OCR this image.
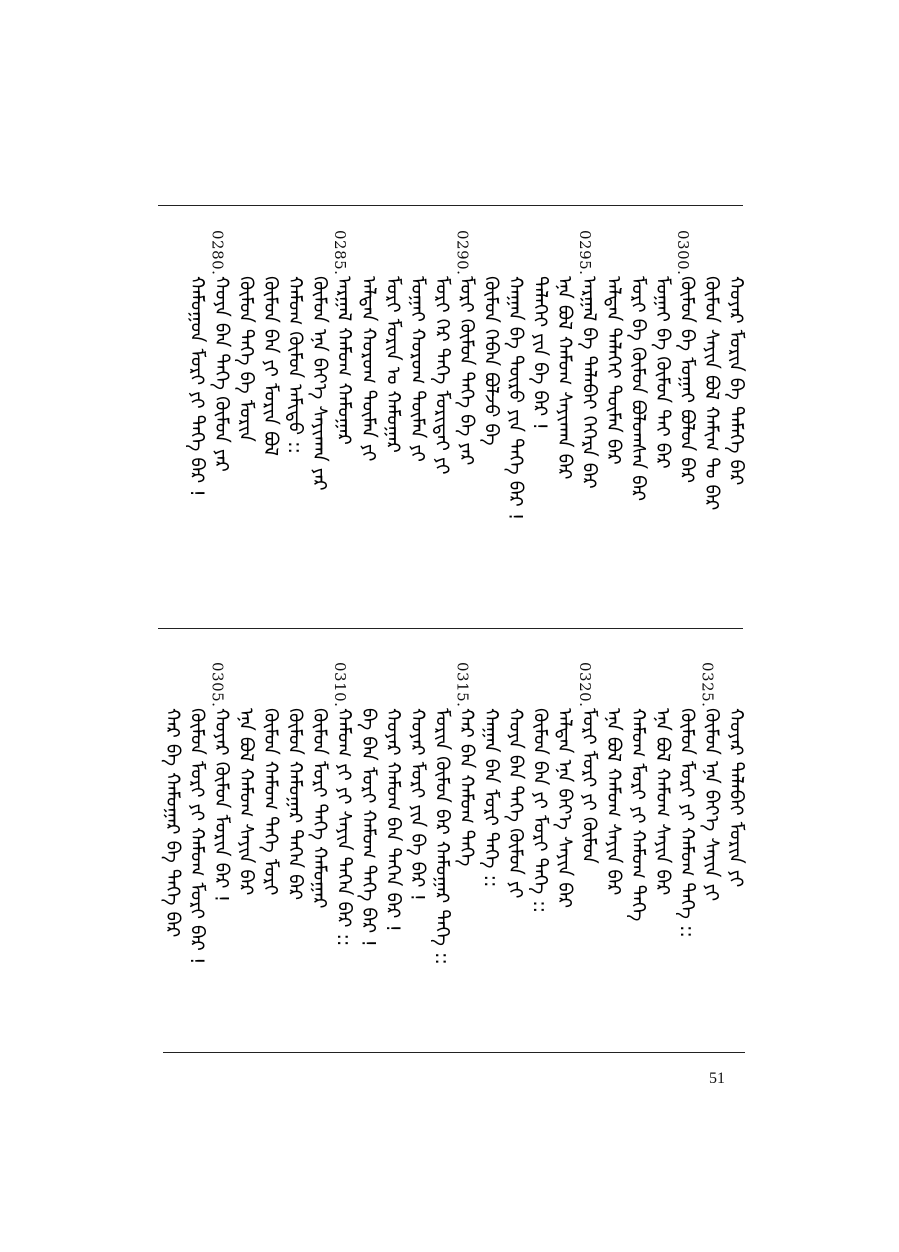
ᠬᠣᠶᠠᠷ ᠮᠣᠷᠢᠨ ᠪᠠ ᠲᠡᠮᠡᠭᠡ ᠪᠠᠷ
ᠬᠦᠮᠦᠨ ᠰᠠᠶᠢᠨ ᠪᠣᠯ ᠬᠠᠮᠢᠭ ᠲᠤ ᠪᠠᠷ
0300.
ᠬᠦᠮᠦᠨ ᠪᠠ ᠮᠣᠭᠠᠢ ᠪᠣᠯᠤᠨ ᠪᠠᠷ
ᠮᠣᠭᠠᠢ ᠪᠠ ᠬᠦᠮᠦᠨ ᠲᠠᠢ ᠪᠠᠷ
ᠮᠣᠷᠢ ᠪᠠ ᠬᠦᠮᠦᠨ ᠪᠣᠯᠤᠭᠰᠠᠨ ᠪᠠᠷ
ᠠᠯᠲᠠᠨ ᠳᠡᠯᠡᠬᠡᠢ ᠲᠦᠮᠡᠨ ᠪᠠᠷ
0295.
ᠠᠷᠭᠠᠯ ᠪᠠ ᠲᠠᠯᠠᠪᠠᠢ ᠬᠡᠭᠡᠷᠡ ᠪᠠᠷ
ᠡᠨᠡ ᠪᠣᠯ ᠬᠠᠮᠤᠭ ᠰᠠᠶᠢᠬᠠᠨ ᠪᠠᠷ
ᠳᠡᠯᠡᠬᠡᠢ ᠶᠢᠨ ᠪᠠ ᠪᠠᠷ !
ᠬᠠᠭᠠᠨ ᠪᠠ ᠲᠦᠷᠦ ᠶᠢᠨ ᠲᠡᠭᠡ ᠪᠠᠷ !
ᠬᠦᠮᠦᠨ ᠬᠡᠪᠡᠨ ᠪᠣᠯᠵᠤ ᠪᠠ
0290.
ᠮᠣᠷᠢ ᠬᠦᠮᠦᠨ ᠲᠡᠭᠡ ᠪᠠ ᠶᠠᠷ
ᠮᠣᠷᠢ ᠭᠡᠷ ᠲᠡᠭᠡ ᠮᠣᠷᠢᠲᠠᠢ ᠶᠢ
ᠮᠣᠭᠠᠢ ᠬᠣᠷᠣᠭ ᠲᠦᠮᠡᠨ ᠶᠢ
ᠮᠣᠷᠢ ᠮᠣᠷᠢᠨ ᠤ ᠬᠠᠮᠤᠭᠠᠷ
ᠠᠯᠲᠠᠨ ᠬᠣᠷᠣᠭ ᠲᠦᠮᠡᠨ ᠶᠢ
0285.
ᠠᠷᠭᠠᠯ ᠬᠠᠮᠤᠭ ᠬᠠᠮᠤᠭᠠᠷ
ᠬᠦᠮᠦᠨ ᠡᠨᠡ ᠪᠡᠶ᠎ᠡ ᠰᠠᠶᠢᠬᠠᠨ ᠶᠠᠷ
ᠬᠠᠮᠤᠭ ᠬᠦᠮᠦᠨ ᠠᠮᠢᠳᠤ ::
ᠬᠦᠮᠦᠨ ᠪᠠᠨ ᠶᠢ ᠮᠣᠷᠢᠨ ᠪᠣᠯ
ᠬᠦᠮᠦᠨ ᠲᠡᠭᠡ ᠪᠠ ᠮᠣᠷᠢᠨ
0280.
ᠬᠣᠶᠠ ᠪᠠᠨ ᠲᠡᠭᠡ ᠬᠦᠮᠦᠨ ᠶᠠᠷ
ᠬᠠᠮᠤᠭᠤᠨ ᠮᠣᠷᠢ ᠶᠢ ᠲᠡᠭᠡ ᠪᠠᠷ !
ᠬᠣᠶᠠᠷ ᠲᠠᠯᠠᠪᠠᠢ ᠮᠣᠷᠢᠨ ᠶᠢ
0325.
ᠬᠦᠮᠦᠨ ᠡᠨᠡ ᠪᠡᠶ᠎ᠡ ᠰᠠᠶᠢᠨ ᠶᠢ
ᠬᠦᠮᠦᠨ ᠮᠣᠷᠢ ᠶᠢ ᠬᠠᠮᠤᠭ ᠲᠡᠭᠡ ::
ᠡᠨᠡ ᠪᠣᠯ ᠬᠠᠮᠤᠭ ᠰᠠᠶᠢᠨ ᠪᠠᠷ
ᠬᠠᠮᠤᠭ ᠮᠣᠷᠢ ᠶᠢ ᠬᠠᠮᠤᠭ ᠲᠡᠭᠡ
ᠡᠨᠡ ᠪᠣᠯ ᠬᠠᠮᠤᠭ ᠰᠠᠶᠢᠨ ᠪᠠᠷ
0320.
ᠮᠣᠷᠢ ᠮᠣᠷᠢ ᠶᠢ ᠬᠦᠮᠦᠨ
ᠠᠯᠲᠠᠨ ᠡᠨᠡ ᠪᠡᠶ᠎ᠡ ᠰᠠᠶᠢᠨ ᠪᠠᠷ
ᠬᠦᠮᠦᠨ ᠪᠠᠨ ᠶᠢ ᠮᠣᠷᠢ ᠲᠡᠭᠡ ::
ᠬᠣᠶᠠ ᠪᠠᠨ ᠲᠡᠭᠡ ᠬᠦᠮᠦᠨ ᠶᠢ
ᠬᠠᠭᠠᠨ ᠪᠠᠨ ᠮᠣᠷᠢ ᠲᠡᠭᠡ ::
0315.
ᠬᠠᠷ ᠪᠠᠨ ᠬᠠᠮᠤᠭ ᠲᠡᠭᠡ
ᠮᠣᠷᠢᠨ ᠬᠦᠮᠦᠨ ᠪᠠᠷ ᠬᠠᠮᠤᠭᠠᠷ ᠲᠡᠭᠡ ::
ᠬᠣᠶᠠᠷ ᠮᠣᠷᠢ ᠶᠢᠨ ᠪᠠ ᠪᠠᠷ !
ᠬᠣᠶᠠᠷ ᠬᠠᠮᠤᠭ ᠪᠠᠨ ᠲᠡᠭᠡᠨ ᠪᠠᠷ !
ᠪᠠ ᠪᠠᠨ ᠮᠣᠷᠢ ᠬᠠᠮᠤᠭ ᠲᠡᠭᠡ ᠪᠠᠷ !
0310.
ᠬᠠᠮᠤᠭ ᠶᠢ ᠶᠢ ᠰᠠᠶᠢᠨ ᠲᠡᠭᠡᠨ ᠪᠠᠷ ::
ᠬᠦᠮᠦᠨ ᠮᠣᠷᠢ ᠲᠡᠭᠡ ᠬᠠᠮᠤᠭᠠᠷ
ᠬᠦᠮᠦᠨ ᠬᠠᠮᠤᠭᠠᠷ ᠲᠡᠭᠡᠨ ᠪᠠᠷ
ᠬᠦᠮᠦᠨ ᠬᠠᠮᠤᠭ ᠲᠡᠭᠡ ᠮᠣᠷᠢ
ᠡᠨᠡ ᠪᠣᠯ ᠬᠠᠮᠤᠭ ᠰᠠᠶᠢᠨ ᠪᠠᠷ
0305.
ᠬᠣᠶᠠᠷ ᠬᠦᠮᠦᠨ ᠮᠣᠷᠢᠨ ᠪᠠᠷ !
ᠬᠦᠮᠦᠨ ᠮᠣᠷᠢ ᠶᠢ ᠬᠠᠮᠤᠭ ᠮᠣᠷᠢ ᠪᠠᠷ !
ᠬᠠᠷ ᠪᠠ ᠬᠠᠮᠤᠭᠠᠷ ᠪᠠ ᠲᠡᠭᠡ ᠪᠠᠷ
51
